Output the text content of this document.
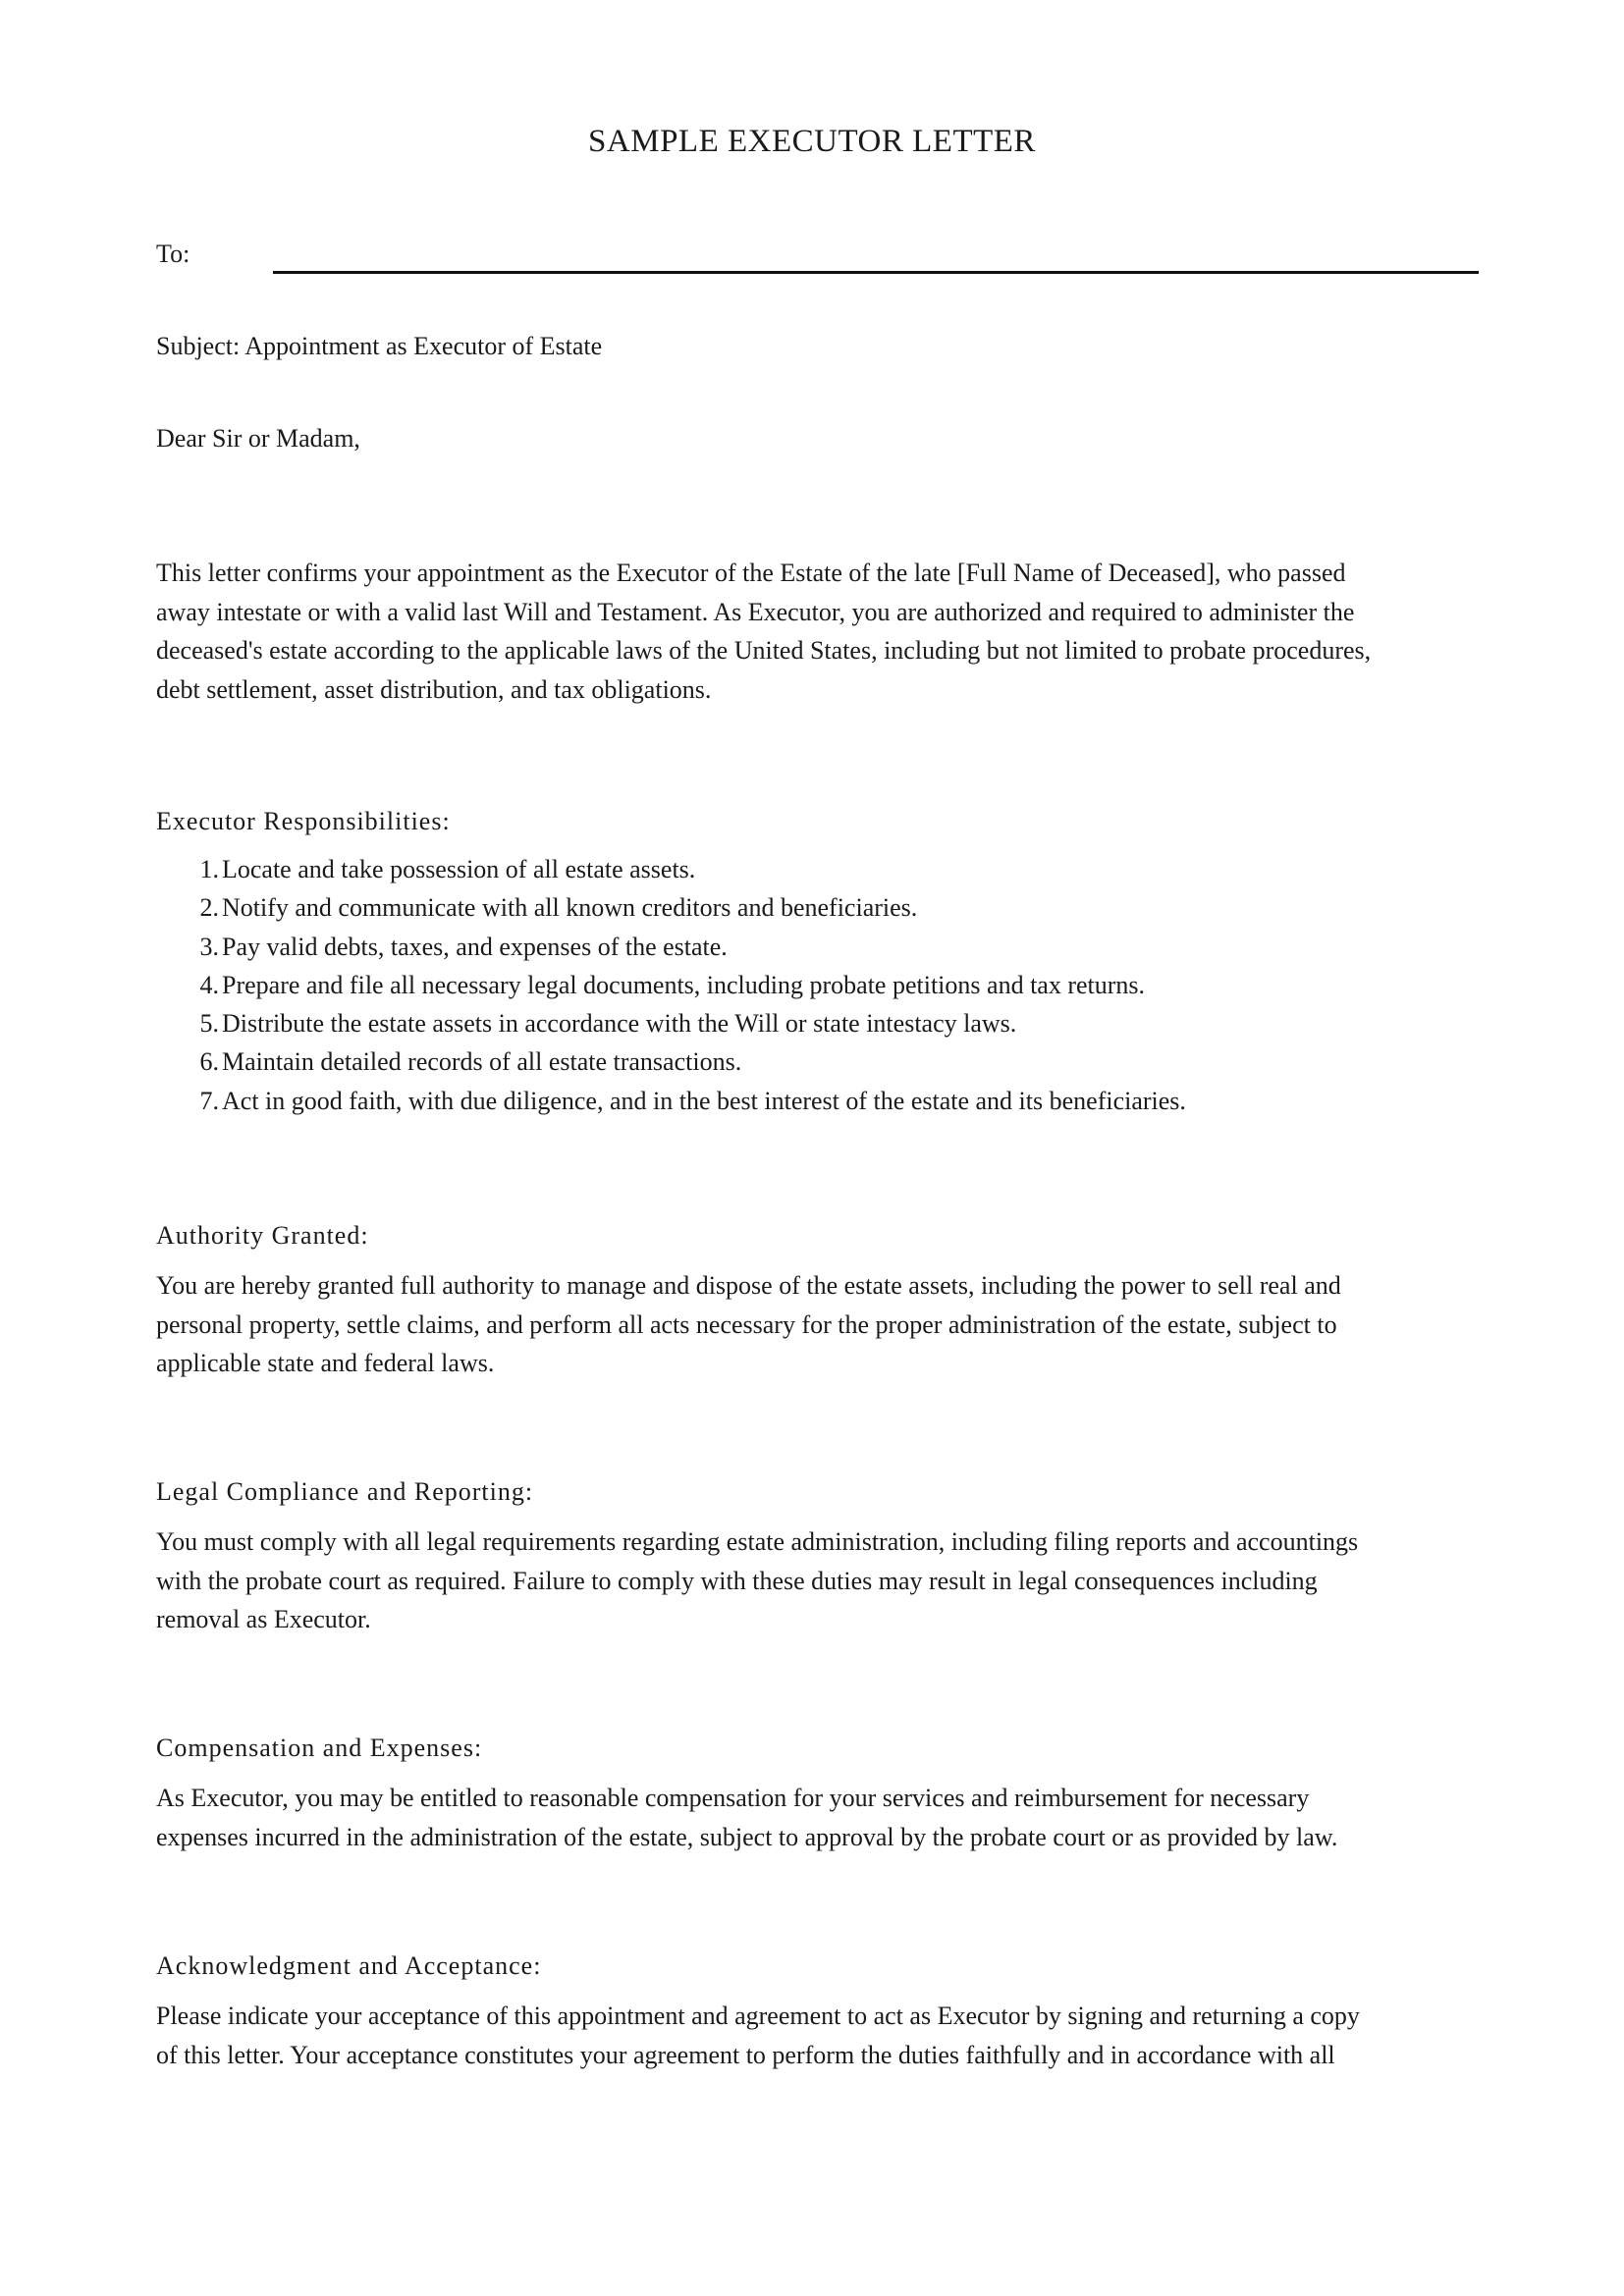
SAMPLE EXECUTOR LETTER
To:
Subject: Appointment as Executor of Estate
Dear Sir or Madam,

This letter confirms your appointment as the Executor of the Estate of the late [Full Name of Deceased], who passed
away intestate or with a valid last Will and Testament. As Executor, you are authorized and required to administer the
deceased's estate according to the applicable laws of the United States, including but not limited to probate procedures,
debt settlement, asset distribution, and tax obligations.

Executor Responsibilities:
1. Locate and take possession of all estate assets.
2. Notify and communicate with all known creditors and beneficiaries.
3. Pay valid debts, taxes, and expenses of the estate.
4. Prepare and file all necessary legal documents, including probate petitions and tax returns.
5. Distribute the estate assets in accordance with the Will or state intestacy laws.
6. Maintain detailed records of all estate transactions.
7. Act in good faith, with due diligence, and in the best interest of the estate and its beneficiaries.
Authority Granted:

You are hereby granted full authority to manage and dispose of the estate assets, including the power to sell real and
personal property, settle claims, and perform all acts necessary for the proper administration of the estate, subject to
applicable state and federal laws.

Legal Compliance and Reporting:

You must comply with all legal requirements regarding estate administration, including filing reports and accountings
with the probate court as required. Failure to comply with these duties may result in legal consequences including
removal as Executor.

Compensation and Expenses:

As Executor, you may be entitled to reasonable compensation for your services and reimbursement for necessary
expenses incurred in the administration of the estate, subject to approval by the probate court or as provided by law.

Acknowledgment and Acceptance:

Please indicate your acceptance of this appointment and agreement to act as Executor by signing and returning a copy
of this letter. Your acceptance constitutes your agreement to perform the duties faithfully and in accordance with all
